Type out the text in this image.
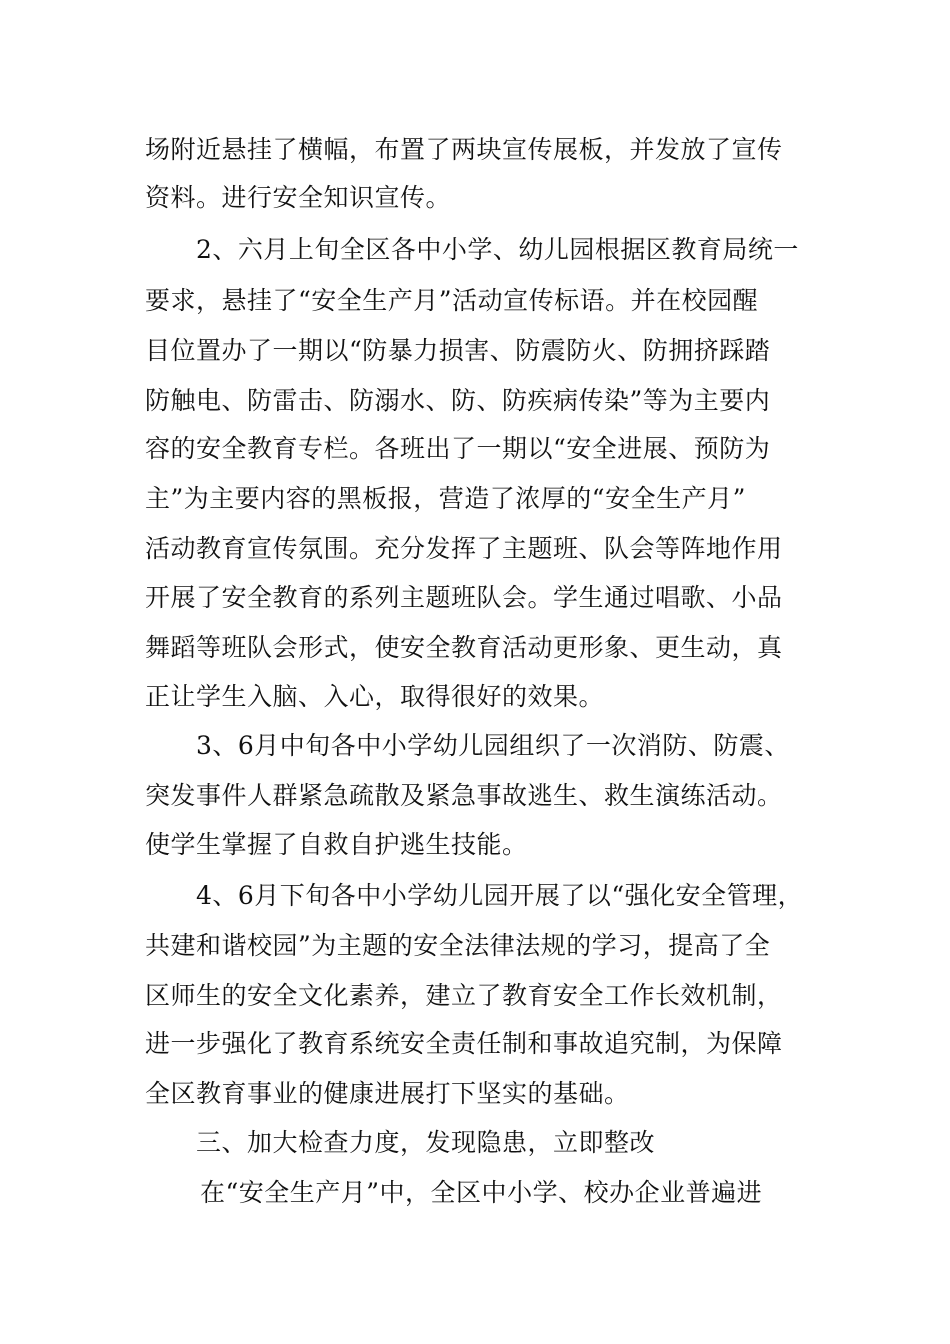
场附近悬挂了横幅，布置了两块宣传展板，并发放了宣传
资料。进行安全知识宣传。
2、六月上旬全区各中小学、幼儿园根据区教育局统一
要求，悬挂了“安全生产月”活动宣传标语。并在校园醒
目位置办了一期以“防暴力损害、防震防火、防拥挤踩踏
防触电、防雷击、防溺水、防、防疾病传染”等为主要内
容的安全教育专栏。各班出了一期以“安全进展、预防为
主”为主要内容的黑板报，营造了浓厚的“安全生产月”
活动教育宣传氛围。充分发挥了主题班、队会等阵地作用
开展了安全教育的系列主题班队会。学生通过唱歌、小品
舞蹈等班队会形式，使安全教育活动更形象、更生动，真
正让学生入脑、入心，取得很好的效果。
3、6月中旬各中小学幼儿园组织了一次消防、防震、
突发事件人群紧急疏散及紧急事故逃生、救生演练活动。
使学生掌握了自救自护逃生技能。
4、6月下旬各中小学幼儿园开展了以“强化安全管理，
共建和谐校园”为主题的安全法律法规的学习，提高了全
区师生的安全文化素养，建立了教育安全工作长效机制，
进一步强化了教育系统安全责任制和事故追究制，为保障
全区教育事业的健康进展打下坚实的基础。
三、加大检查力度，发现隐患，立即整改
在“安全生产月”中，全区中小学、校办企业普遍进
